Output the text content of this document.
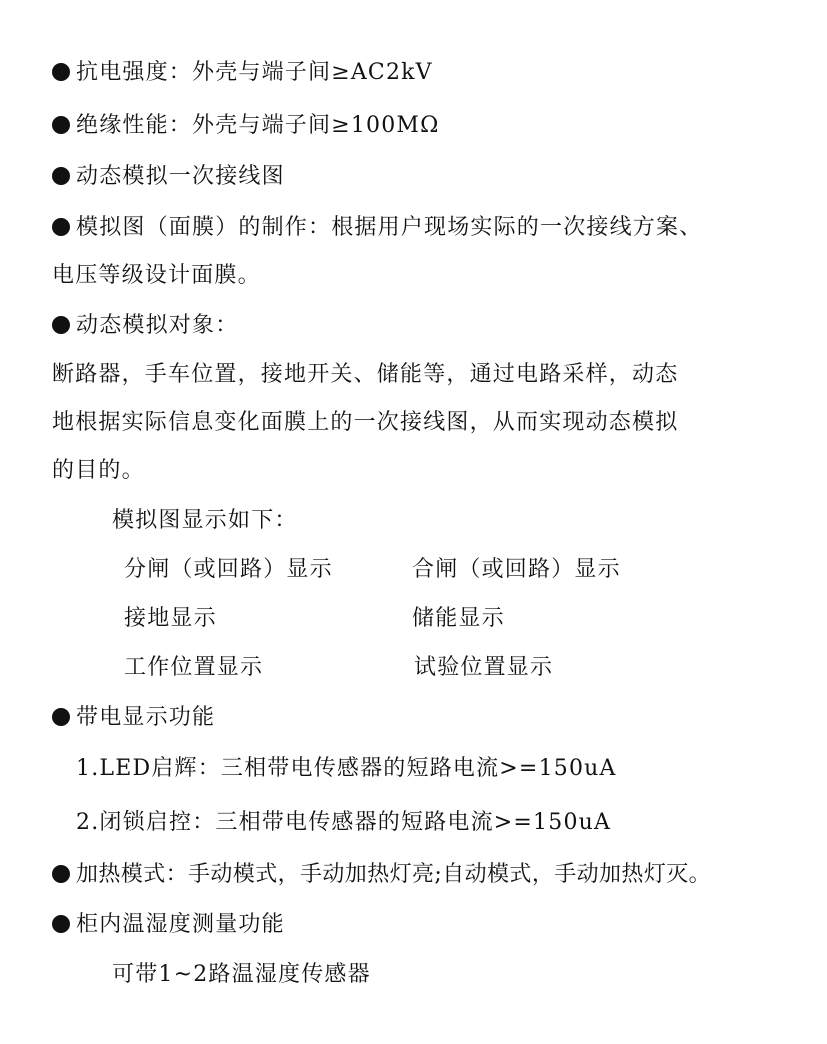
抗电强度：外壳与端子间≥AC2kV
绝缘性能：外壳与端子间≥100MΩ
动态模拟一次接线图
模拟图（面膜）的制作：根据用户现场实际的一次接线方案、
电压等级设计面膜。
动态模拟对象：
断路器，手车位置，接地开关、储能等，通过电路采样，动态
地根据实际信息变化面膜上的一次接线图，从而实现动态模拟
的目的。
模拟图显示如下：
分闸（或回路）显示	合闸（或回路）显示
接地显示	储能显示
工作位置显示	试验位置显示
带电显示功能
1.LED启辉：三相带电传感器的短路电流>=150uA
2.闭锁启控：三相带电传感器的短路电流>=150uA
加热模式：手动模式，手动加热灯亮;自动模式，手动加热灯灭。
柜内温湿度测量功能
可带1~2路温湿度传感器
